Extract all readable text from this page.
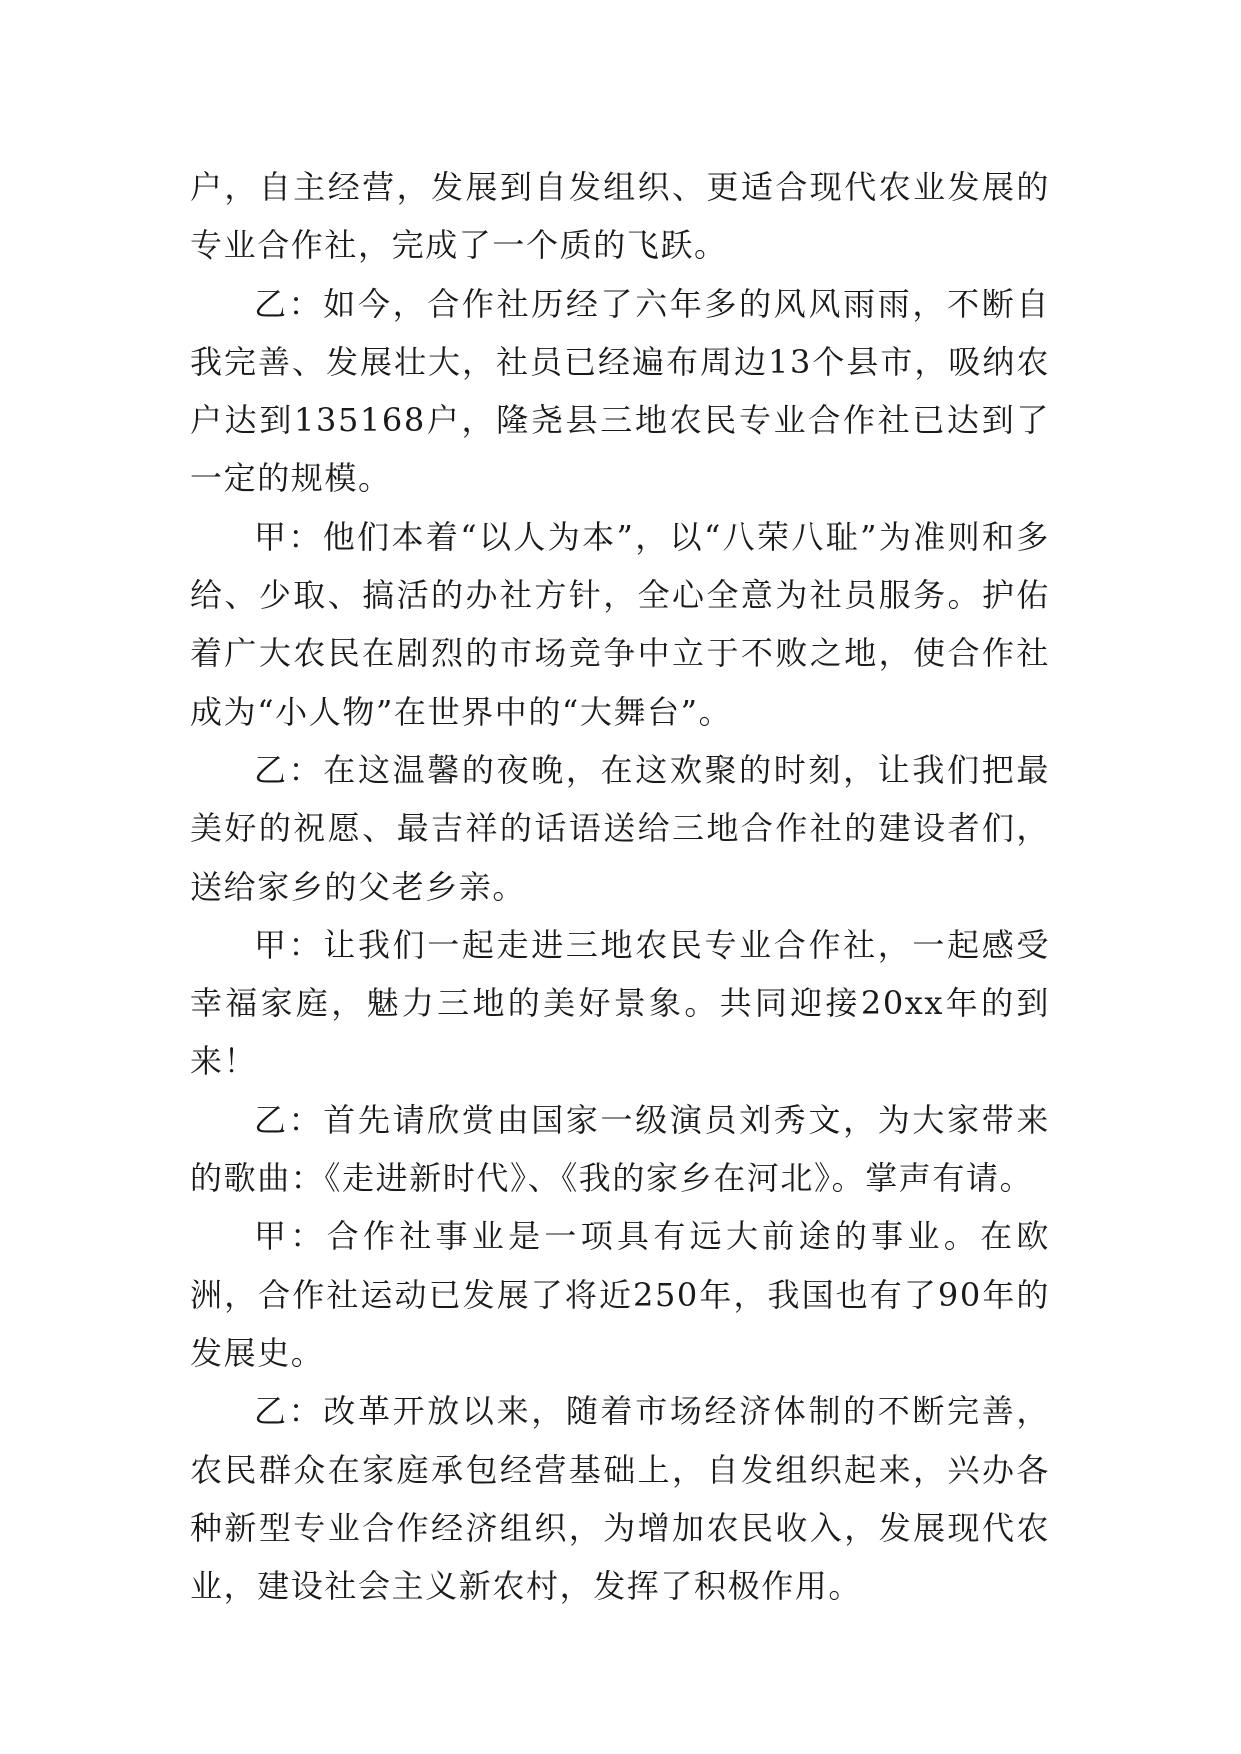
户，自主经营，发展到自发组织、更适合现代农业发展的专业合作社，完成了一个质的飞跃。

乙：如今，合作社历经了六年多的风风雨雨，不断自我完善、发展壮大，社员已经遍布周边13个县市，吸纳农户达到135168户，隆尧县三地农民专业合作社已达到了一定的规模。

甲：他们本着“以人为本”，以“八荣八耻”为准则和多给、少取、搞活的办社方针，全心全意为社员服务。护佑着广大农民在剧烈的市场竞争中立于不败之地，使合作社成为“小人物”在世界中的“大舞台”。

乙：在这温馨的夜晚，在这欢聚的时刻，让我们把最美好的祝愿、最吉祥的话语送给三地合作社的建设者们，送给家乡的父老乡亲。

甲：让我们一起走进三地农民专业合作社，一起感受幸福家庭，魅力三地的美好景象。共同迎接20xx年的到来！

乙：首先请欣赏由国家一级演员刘秀文，为大家带来的歌曲：《走进新时代》、《我的家乡在河北》。掌声有请。

甲：合作社事业是一项具有远大前途的事业。在欧洲，合作社运动已发展了将近250年，我国也有了90年的发展史。

乙：改革开放以来，随着市场经济体制的不断完善，农民群众在家庭承包经营基础上，自发组织起来，兴办各种新型专业合作经济组织，为增加农民收入，发展现代农业，建设社会主义新农村，发挥了积极作用。
